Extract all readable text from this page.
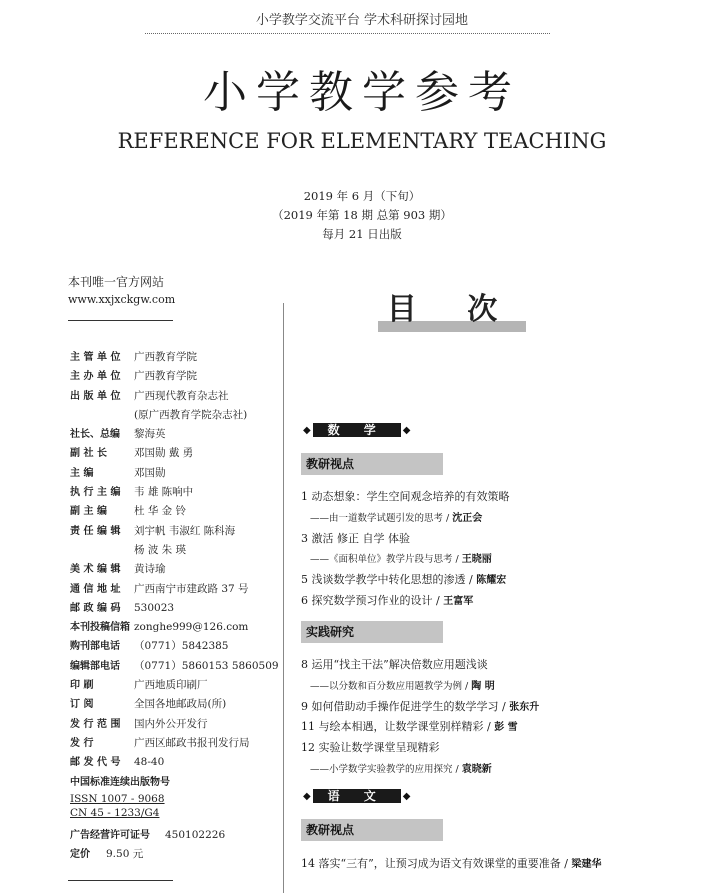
小学教学交流平台 学术科研探讨园地
小学教学参考
REFERENCE FOR ELEMENTARY TEACHING
2019 年 6 月（下旬）
（2019 年第 18 期 总第 903 期）
每月 21 日出版
本刊唯一官方网站
www.xxjxckgw.com
主 管 单 位	广西教育学院
主 办 单 位	广西教育学院
出 版 单 位	广西现代教育杂志社
(原广西教育学院杂志社)
社长、总编	黎海英
副 社 长	邓国勋 戴 勇
主 编	邓国勋
执 行 主 编	韦 雄 陈响中
副 主 编	杜 华 金 铃
责 任 编 辑	刘宇帆 韦淑红 陈科海
杨 波 朱 瑛
美 术 编 辑	黄诗瑜
通 信 地 址	广西南宁市建政路 37 号
邮 政 编 码	530023
本刊投稿信箱 zonghe999@126.com
购刊部电话	（0771）5842385
编辑部电话	（0771）5860153 5860509
印 刷	广西地质印刷厂
订 阅	全国各地邮政局(所)
发 行 范 围	国内外公开发行
发 行	广西区邮政书报刊发行局
邮 发 代 号	48-40
中国标准连续出版物号
ISSN 1007 - 9068
CN 45 - 1233/G4
广告经营许可证号	450102226
定价	9.50 元
目 次
◆	数 学	◆
教研视点
1 动态想象：学生空间观念培养的有效策略
——由一道数学试题引发的思考 / 沈正会
3 激活 修正 自学 体验
——《面积单位》教学片段与思考 / 王晓丽
5 浅谈数学教学中转化思想的渗透 / 陈耀宏
6 探究数学预习作业的设计 / 王富军
实践研究
8 运用“找主干法”解决倍数应用题浅谈
——以分数和百分数应用题教学为例 / 陶 明
9 如何借助动手操作促进学生的数学学习 / 张东升
11 与绘本相遇，让数学课堂别样精彩 / 彭 雪
12 实验让数学课堂呈现精彩
——小学数学实验教学的应用探究 / 袁晓新
◆	语 文	◆
教研视点
14 落实“三有”，让预习成为语文有效课堂的重要准备 / 梁建华
